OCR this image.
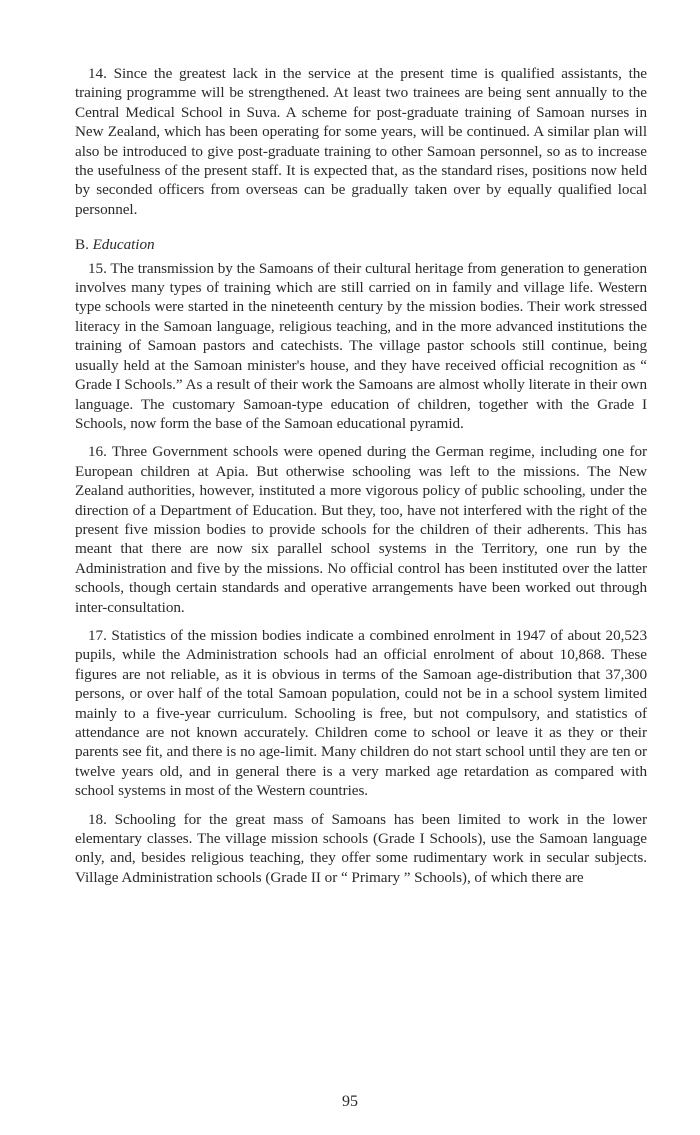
14. Since the greatest lack in the service at the present time is qualified assistants, the training programme will be strengthened. At least two trainees are being sent annually to the Central Medical School in Suva. A scheme for post-graduate training of Samoan nurses in New Zealand, which has been operating for some years, will be continued. A similar plan will also be introduced to give post-graduate training to other Samoan personnel, so as to increase the usefulness of the present staff. It is expected that, as the standard rises, positions now held by seconded officers from overseas can be gradually taken over by equally qualified local personnel.

B. Education

15. The transmission by the Samoans of their cultural heritage from generation to generation involves many types of training which are still carried on in family and village life. Western type schools were started in the nineteenth century by the mission bodies. Their work stressed literacy in the Samoan language, religious teaching, and in the more advanced institutions the training of Samoan pastors and catechists. The village pastor schools still continue, being usually held at the Samoan minister's house, and they have received official recognition as “ Grade I Schools.” As a result of their work the Samoans are almost wholly literate in their own language. The customary Samoan-type education of children, together with the Grade I Schools, now form the base of the Samoan educational pyramid.

16. Three Government schools were opened during the German regime, including one for European children at Apia. But otherwise schooling was left to the missions. The New Zealand authorities, however, instituted a more vigorous policy of public schooling, under the direction of a Department of Education. But they, too, have not interfered with the right of the present five mission bodies to provide schools for the children of their adherents. This has meant that there are now six parallel school systems in the Territory, one run by the Administration and five by the missions. No official control has been instituted over the latter schools, though certain standards and operative arrangements have been worked out through inter-consultation.

17. Statistics of the mission bodies indicate a combined enrolment in 1947 of about 20,523 pupils, while the Administration schools had an official enrolment of about 10,868. These figures are not reliable, as it is obvious in terms of the Samoan age-distribution that 37,300 persons, or over half of the total Samoan population, could not be in a school system limited mainly to a five-year curriculum. Schooling is free, but not compulsory, and statistics of attendance are not known accurately. Children come to school or leave it as they or their parents see fit, and there is no age-limit. Many children do not start school until they are ten or twelve years old, and in general there is a very marked age retardation as compared with school systems in most of the Western countries.

18. Schooling for the great mass of Samoans has been limited to work in the lower elementary classes. The village mission schools (Grade I Schools), use the Samoan language only, and, besides religious teaching, they offer some rudimentary work in secular subjects. Village Administration schools (Grade II or “ Primary ” Schools), of which there are

95
